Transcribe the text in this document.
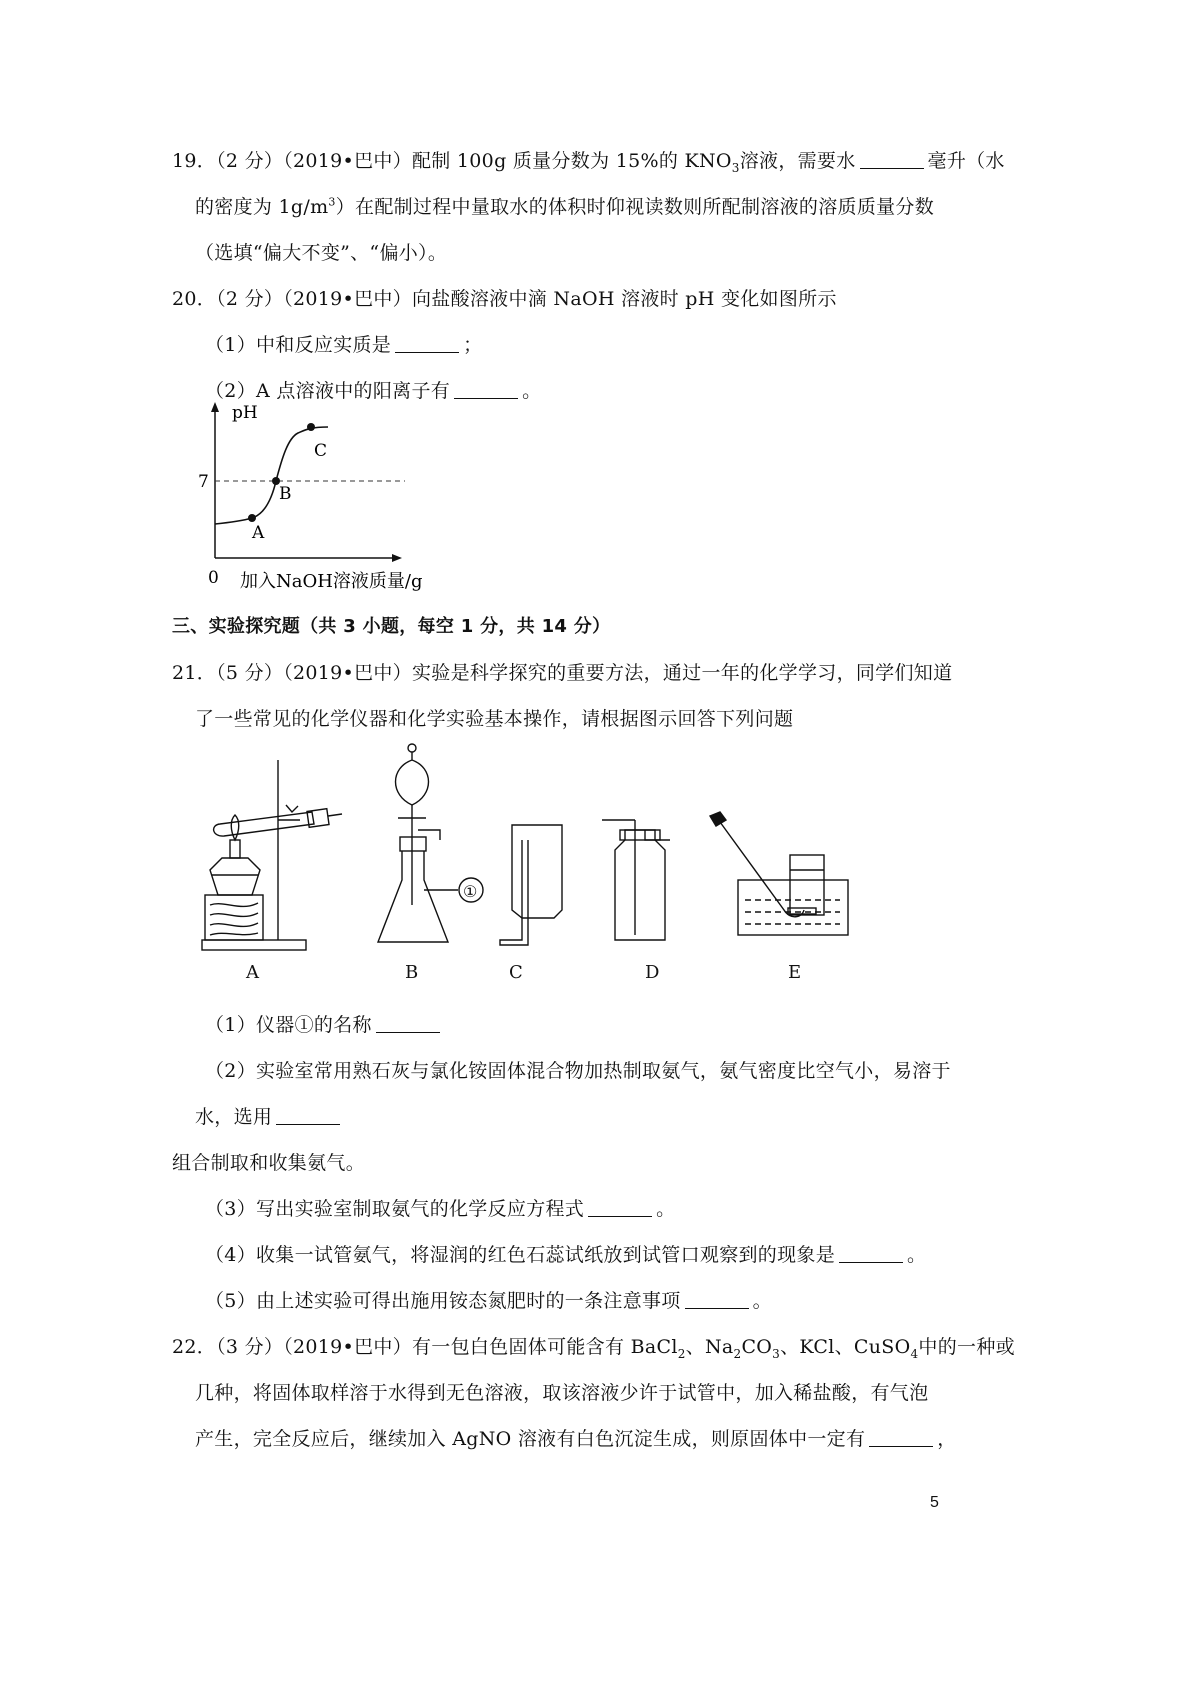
19．（2 分）（2019•巴中）配制 100g 质量分数为 15%的 $KNO_3$溶液，需要水	毫升（水
的密度为 $1g/m^3$）在配制过程中量取水的体积时仰视读数则所配制溶液的溶质质量分数
（选填“偏大不变”、“偏小）。
20．（2 分）（2019•巴中）向盐酸溶液中滴 NaOH 溶液时 pH 变化如图所示
（1）中和反应实质是	；
（2）A 点溶液中的阳离子有	。
pH
7
A
B
C
0 加入NaOH溶液质量/g
三、实验探究题（共 3 小题，每空 1 分，共 14 分）
21．（5 分）（2019•巴中）实验是科学探究的重要方法，通过一年的化学学习，同学们知道
了一些常见的化学仪器和化学实验基本操作，请根据图示回答下列问题
①
A	B	C	D	E
（1）仪器①的名称
（2）实验室常用熟石灰与氯化铵固体混合物加热制取氨气，氨气密度比空气小，易溶于
水，选用
组合制取和收集氨气。
（3）写出实验室制取氨气的化学反应方程式	。
（4）收集一试管氨气，将湿润的红色石蕊试纸放到试管口观察到的现象是	。
（5）由上述实验可得出施用铵态氮肥时的一条注意事项	。
22．（3 分）（2019•巴中）有一包白色固体可能含有 BaCl$_2$、$Na_2CO_3$、KCl、CuSO$_4$中的一种或
几种，将固体取样溶于水得到无色溶液，取该溶液少许于试管中，加入稀盐酸，有气泡
产生，完全反应后，继续加入 AgNO 溶液有白色沉淀生成，则原固体中一定有	，
5
